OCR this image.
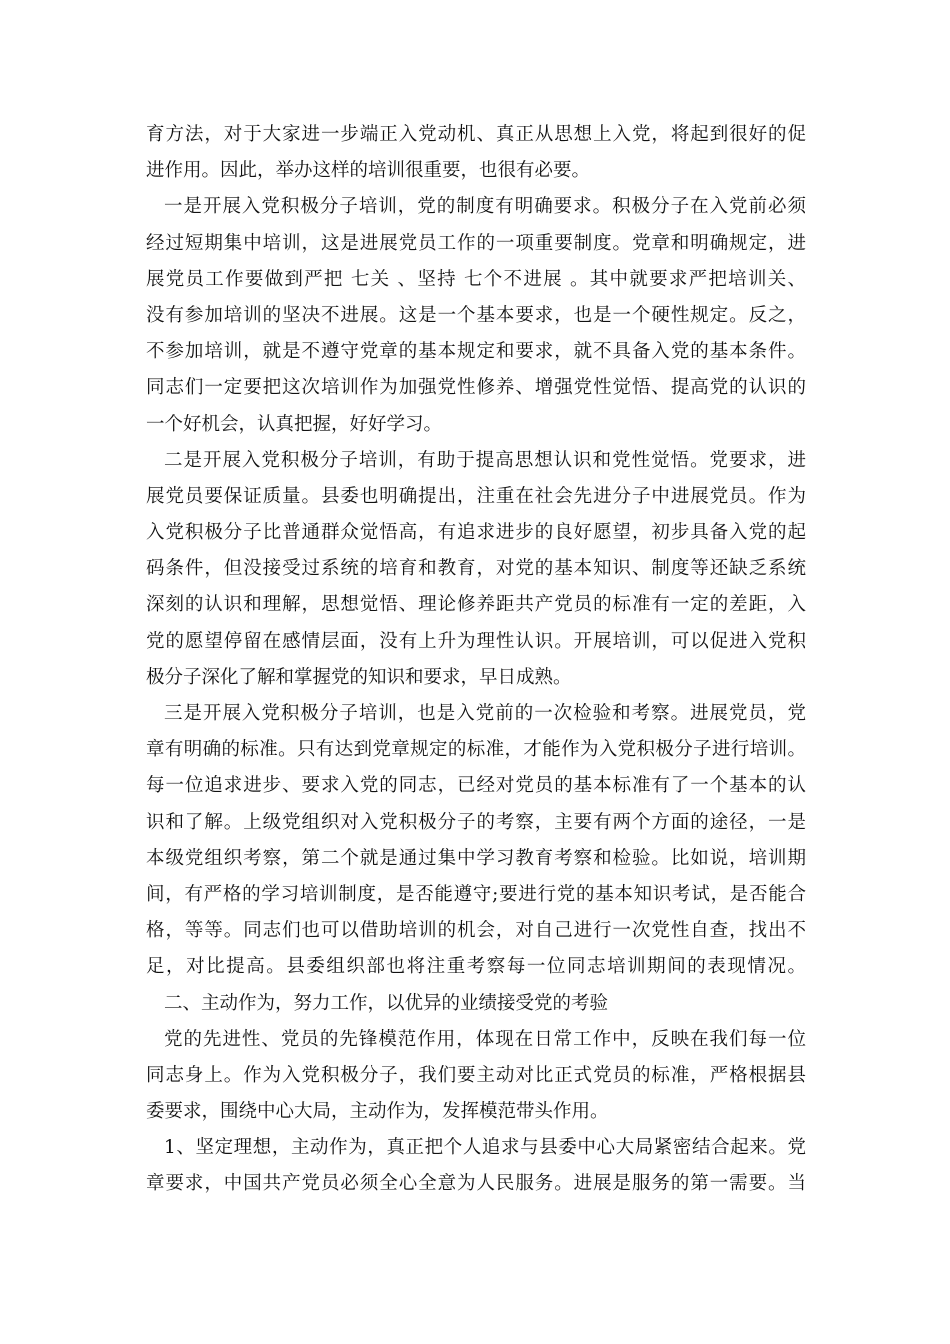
育方法，对于大家进一步端正入党动机、真正从思想上入党，将起到很好的促
进作用。因此，举办这样的培训很重要，也很有必要。
一是开展入党积极分子培训，党的制度有明确要求。积极分子在入党前必须
经过短期集中培训，这是进展党员工作的一项重要制度。党章和明确规定，进
展党员工作要做到严把 七关 、坚持 七个不进展 。其中就要求严把培训关、
没有参加培训的坚决不进展。这是一个基本要求，也是一个硬性规定。反之，
不参加培训，就是不遵守党章的基本规定和要求，就不具备入党的基本条件。
同志们一定要把这次培训作为加强党性修养、增强党性觉悟、提高党的认识的
一个好机会，认真把握，好好学习。
二是开展入党积极分子培训，有助于提高思想认识和党性觉悟。党要求，进
展党员要保证质量。县委也明确提出，注重在社会先进分子中进展党员。作为
入党积极分子比普通群众觉悟高，有追求进步的良好愿望，初步具备入党的起
码条件，但没接受过系统的培育和教育，对党的基本知识、制度等还缺乏系统
深刻的认识和理解，思想觉悟、理论修养距共产党员的标准有一定的差距，入
党的愿望停留在感情层面，没有上升为理性认识。开展培训，可以促进入党积
极分子深化了解和掌握党的知识和要求，早日成熟。
三是开展入党积极分子培训，也是入党前的一次检验和考察。进展党员，党
章有明确的标准。只有达到党章规定的标准，才能作为入党积极分子进行培训。
每一位追求进步、要求入党的同志，已经对党员的基本标准有了一个基本的认
识和了解。上级党组织对入党积极分子的考察，主要有两个方面的途径，一是
本级党组织考察，第二个就是通过集中学习教育考察和检验。比如说，培训期
间，有严格的学习培训制度，是否能遵守;要进行党的基本知识考试，是否能合
格，等等。同志们也可以借助培训的机会，对自己进行一次党性自查，找出不
足，对比提高。县委组织部也将注重考察每一位同志培训期间的表现情况。
二、主动作为，努力工作，以优异的业绩接受党的考验
党的先进性、党员的先锋模范作用，体现在日常工作中，反映在我们每一位
同志身上。作为入党积极分子，我们要主动对比正式党员的标准，严格根据县
委要求，围绕中心大局，主动作为，发挥模范带头作用。
1、坚定理想，主动作为，真正把个人追求与县委中心大局紧密结合起来。党
章要求，中国共产党员必须全心全意为人民服务。进展是服务的第一需要。当
